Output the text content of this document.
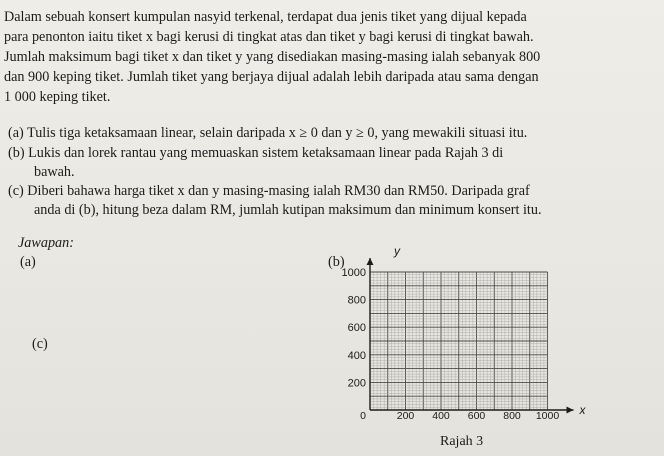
Dalam sebuah konsert kumpulan nasyid terkenal, terdapat dua jenis tiket yang dijual kepada
para penonton iaitu tiket x bagi kerusi di tingkat atas dan tiket y bagi kerusi di tingkat bawah.
Jumlah maksimum bagi tiket x dan tiket y yang disediakan masing-masing ialah sebanyak 800
dan 900 keping tiket. Jumlah tiket yang berjaya dijual adalah lebih daripada atau sama dengan
1 000 keping tiket.
(a) Tulis tiga ketaksamaan linear, selain daripada x ≥ 0 dan y ≥ 0, yang mewakili situasi itu.
(b) Lukis dan lorek rantau yang memuaskan sistem ketaksamaan linear pada Rajah 3 di
bawah.
(c) Diberi bahawa harga tiket x dan y masing-masing ialah RM30 dan RM50. Daripada graf
anda di (b), hitung beza dalam RM, jumlah kutipan maksimum dan minimum konsert itu.
Jawapan:
(a)	(b)
(c)
x
y
200
400
600
800
1000
0	200 400 600 800 1000
Rajah 3
